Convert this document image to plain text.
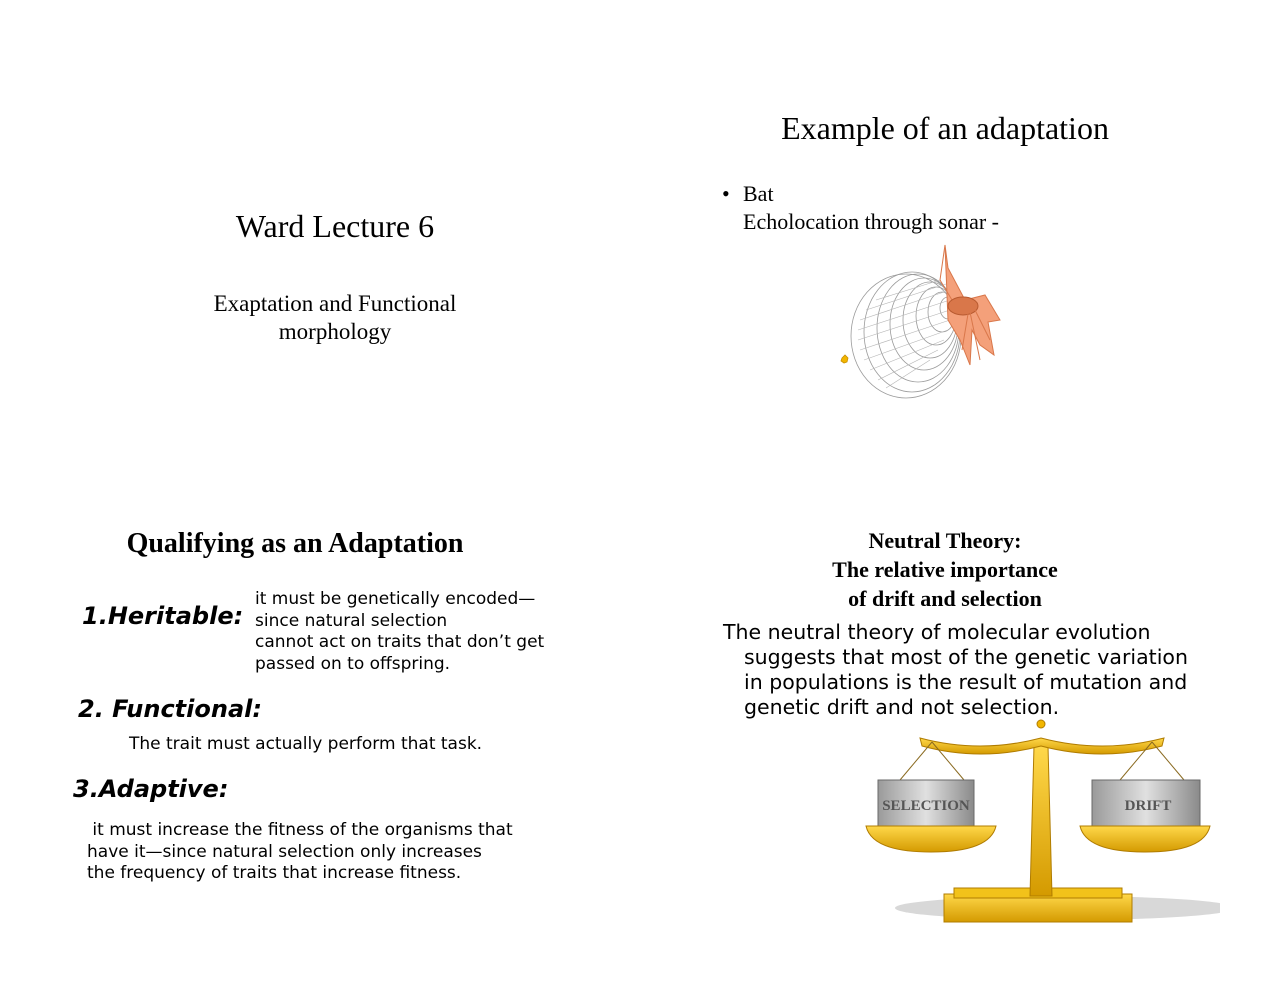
Ward Lecture 6
Exaptation and Functional
morphology
Example of an adaptation
• Bat
Echolocation through sonar -
Qualifying as an Adaptation
1.Heritable:
it must be genetically encoded—
since natural selection
cannot act on traits that don’t get
passed on to offspring.
2. Functional:
The trait must actually perform that task.
3.Adaptive:
it must increase the fitness of the organisms that
have it—since natural selection only increases
the frequency of traits that increase fitness.
Neutral Theory:
The relative importance
of drift and selection
SELECTION	DRIFT
The neutral theory of molecular evolution suggests that most of the genetic variation in populations is the result of mutation and genetic drift and not selection.
